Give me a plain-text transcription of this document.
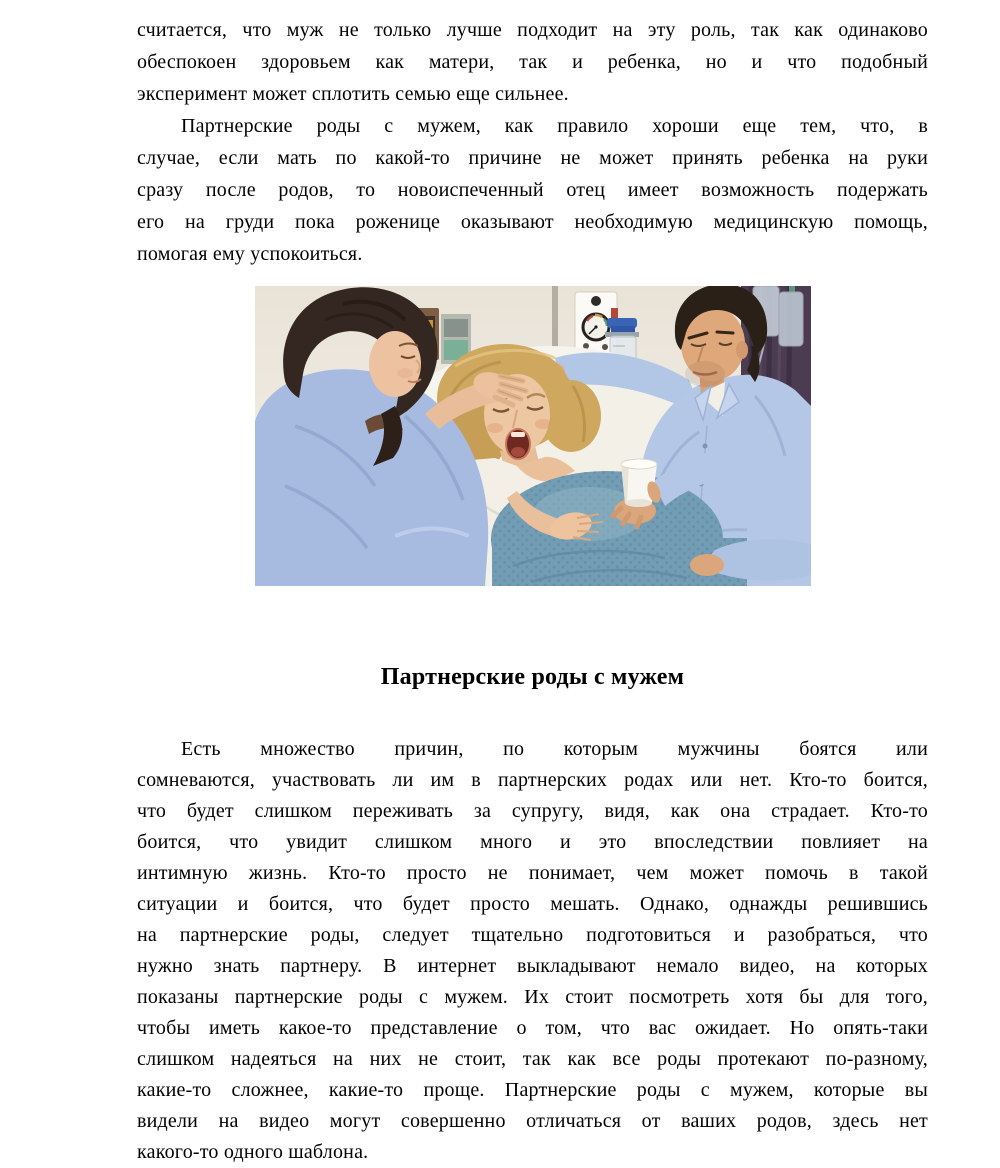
считается, что муж не только лучше подходит на эту роль, так как одинаково
обеспокоен здоровьем как матери, так и ребенка, но и что подобный
эксперимент может сплотить семью еще сильнее.
Партнерские роды с мужем, как правило хороши еще тем, что, в
случае, если мать по какой-то причине не может принять ребенка на руки
сразу после родов, то новоиспеченный отец имеет возможность подержать
его на груди пока роженице оказывают необходимую медицинскую помощь,
помогая ему успокоиться.
Партнерские роды с мужем
Есть множество причин, по которым мужчины боятся или
сомневаются, участвовать ли им в партнерских родах или нет. Кто-то боится,
что будет слишком переживать за супругу, видя, как она страдает. Кто-то
боится, что увидит слишком много и это впоследствии повлияет на
интимную жизнь. Кто-то просто не понимает, чем может помочь в такой
ситуации и боится, что будет просто мешать. Однако, однажды решившись
на партнерские роды, следует тщательно подготовиться и разобраться, что
нужно знать партнеру. В интернет выкладывают немало видео, на которых
показаны партнерские роды с мужем. Их стоит посмотреть хотя бы для того,
чтобы иметь какое-то представление о том, что вас ожидает. Но опять-таки
слишком надеяться на них не стоит, так как все роды протекают по-разному,
какие-то сложнее, какие-то проще. Партнерские роды с мужем, которые вы
видели на видео могут совершенно отличаться от ваших родов, здесь нет
какого-то одного шаблона.
